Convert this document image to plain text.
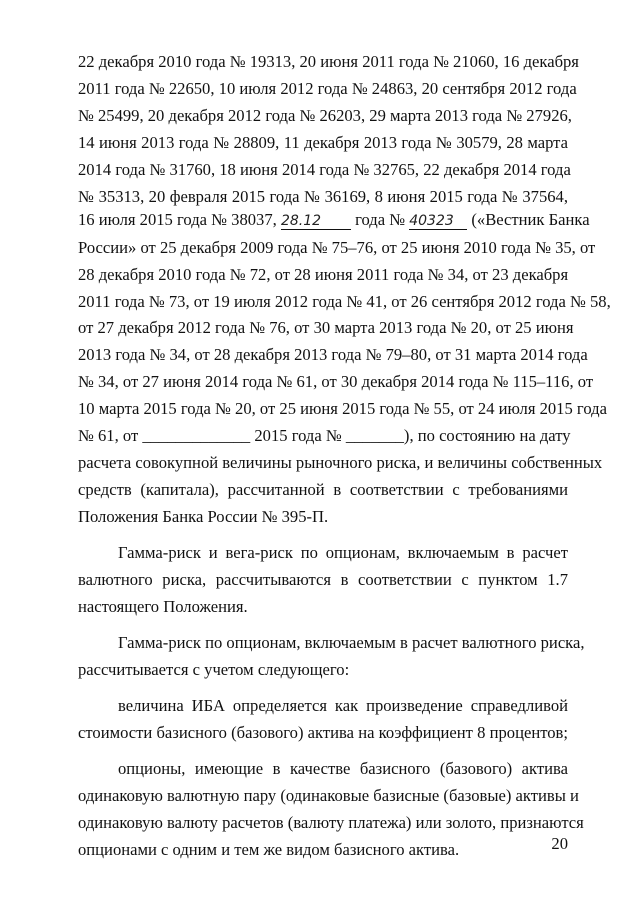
22 декабря 2010 года № 19313, 20 июня 2011 года № 21060, 16 декабря
2011 года № 22650, 10 июля 2012 года № 24863, 20 сентября 2012 года
№ 25499, 20 декабря 2012 года № 26203, 29 марта 2013 года № 27926,
14 июня 2013 года № 28809, 11 декабря 2013 года № 30579, 28 марта
2014 года № 31760, 18 июня 2014 года № 32765, 22 декабря 2014 года
№ 35313, 20 февраля 2015 года № 36169, 8 июня 2015 года № 37564,
16 июля 2015 года № 38037, 28.12 года № 40323 («Вестник Банка
России» от 25 декабря 2009 года № 75–76, от 25 июня 2010 года № 35, от
28 декабря 2010 года № 72, от 28 июня 2011 года № 34, от 23 декабря
2011 года № 73, от 19 июля 2012 года № 41, от 26 сентября 2012 года № 58,
от 27 декабря 2012 года № 76, от 30 марта 2013 года № 20, от 25 июня
2013 года № 34, от 28 декабря 2013 года № 79–80, от 31 марта 2014 года
№ 34, от 27 июня 2014 года № 61, от 30 декабря 2014 года № 115–116, от
10 марта 2015 года № 20, от 25 июня 2015 года № 55, от 24 июля 2015 года
№ 61, от _____________ 2015 года № _______), по состоянию на дату
расчета совокупной величины рыночного риска, и величины собственных
средств (капитала), рассчитанной в соответствии с требованиями
Положения Банка России № 395-П.
Гамма-риск и вега-риск по опционам, включаемым в расчет
валютного риска, рассчитываются в соответствии с пунктом 1.7
настоящего Положения.
Гамма-риск по опционам, включаемым в расчет валютного риска,
рассчитывается с учетом следующего:
величина ИБА определяется как произведение справедливой
стоимости базисного (базового) актива на коэффициент 8 процентов;
опционы, имеющие в качестве базисного (базового) актива
одинаковую валютную пару (одинаковые базисные (базовые) активы и
одинаковую валюту расчетов (валюту платежа) или золото, признаются
опционами с одним и тем же видом базисного актива.	20
